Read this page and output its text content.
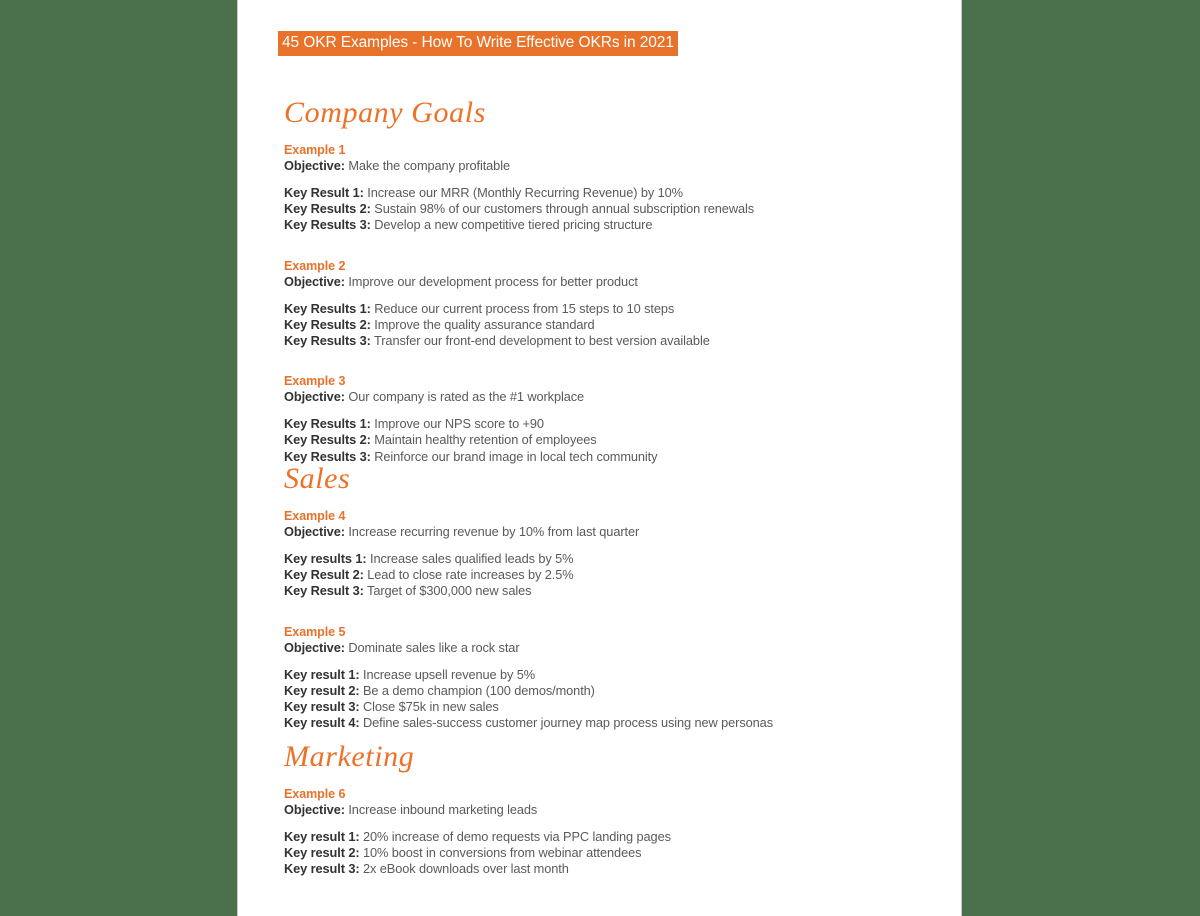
45 OKR Examples - How To Write Effective OKRs in 2021
Company Goals
Example 1
Objective: Make the company profitable
Key Result 1: Increase our MRR (Monthly Recurring Revenue) by 10%
Key Results 2: Sustain 98% of our customers through annual subscription renewals
Key Results 3: Develop a new competitive tiered pricing structure
Example 2
Objective: Improve our development process for better product
Key Results 1: Reduce our current process from 15 steps to 10 steps
Key Results 2: Improve the quality assurance standard
Key Results 3: Transfer our front-end development to best version available
Example 3
Objective: Our company is rated as the #1 workplace
Key Results 1: Improve our NPS score to +90
Key Results 2: Maintain healthy retention of employees
Key Results 3: Reinforce our brand image in local tech community
Sales
Example 4
Objective: Increase recurring revenue by 10% from last quarter
Key results 1: Increase sales qualified leads by 5%
Key Result 2: Lead to close rate increases by 2.5%
Key Result 3: Target of $300,000 new sales
Example 5
Objective: Dominate sales like a rock star
Key result 1: Increase upsell revenue by 5%
Key result 2: Be a demo champion (100 demos/month)
Key result 3: Close $75k in new sales
Key result 4: Define sales-success customer journey map process using new personas
Marketing
Example 6
Objective: Increase inbound marketing leads
Key result 1: 20% increase of demo requests via PPC landing pages
Key result 2: 10% boost in conversions from webinar attendees
Key result 3: 2x eBook downloads over last month
